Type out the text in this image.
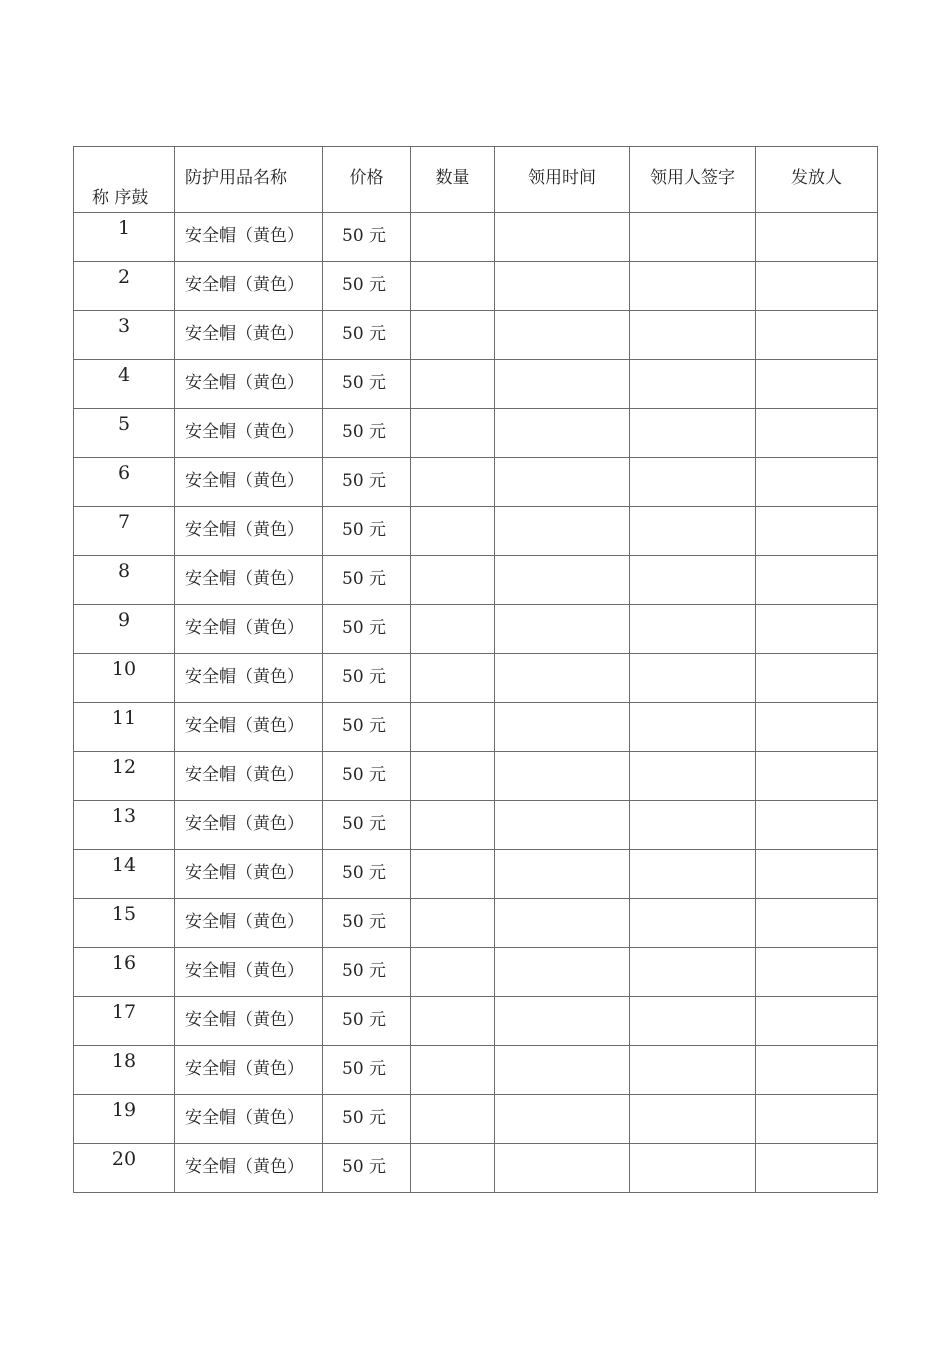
称 序鼓	防护用品名称	价格	数量	领用时间	领用人签字	发放人
1	安全帽（黄色）	50 元				
2	安全帽（黄色）	50 元				
3	安全帽（黄色）	50 元				
4	安全帽（黄色）	50 元				
5	安全帽（黄色）	50 元				
6	安全帽（黄色）	50 元				
7	安全帽（黄色）	50 元				
8	安全帽（黄色）	50 元				
9	安全帽（黄色）	50 元				
10	安全帽（黄色）	50 元				
11	安全帽（黄色）	50 元				
12	安全帽（黄色）	50 元				
13	安全帽（黄色）	50 元				
14	安全帽（黄色）	50 元				
15	安全帽（黄色）	50 元				
16	安全帽（黄色）	50 元				
17	安全帽（黄色）	50 元				
18	安全帽（黄色）	50 元				
19	安全帽（黄色）	50 元				
20	安全帽（黄色）	50 元				
